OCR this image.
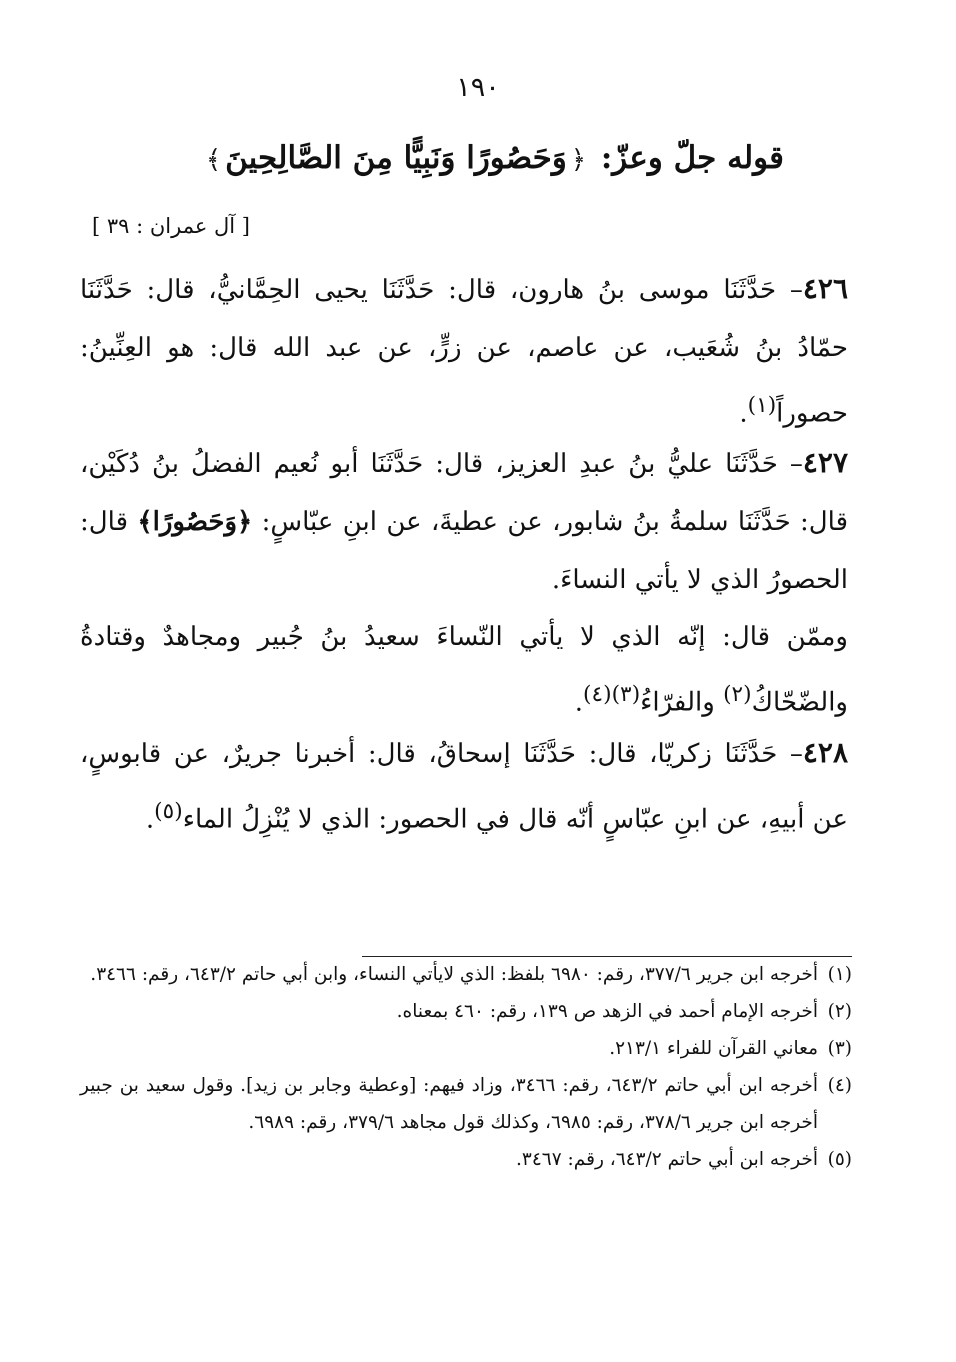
١٩٠
قوله جلّ وعزّ: ﴿وَحَصُورًا وَنَبِيًّا مِنَ الصَّالِحِينَ﴾
[ آل عمران : ٣٩ ]
٤٢٦– حَدَّثَنَا موسى بنُ هارون، قال: حَدَّثَنَا يحيى الحِمَّانيُّ، قال: حَدَّثَنَا حمّادُ بنُ شُعَيب، عن عاصم، عن زرٍّ، عن عبد الله قال: هو العِنِّينُ: حصوراً$^{(١)}$.
٤٢٧– حَدَّثَنَا عليُّ بنُ عبدِ العزيز، قال: حَدَّثَنَا أبو نُعيم الفضلُ بنُ دُكَيْن، قال: حَدَّثَنَا سلمةُ بنُ شابور، عن عطيةَ، عن ابنِ عبّاسٍ: ﴿وَحَصُورًا﴾ قال: الحصورُ الذي لا يأتي النساءَ.
وممّن قال: إنّه الذي لا يأتي النّساءَ سعيدُ بنُ جُبير ومجاهدٌ وقتادةُ والضّحّاكُ$^{(٢)}$ والفرّاءُ$^{(٣)(٤)}$.
٤٢٨– حَدَّثَنَا زكريّا، قال: حَدَّثَنَا إسحاقُ، قال: أخبرنا جريرٌ، عن قابوسٍ، عن أبيهِ، عن ابنِ عبّاسٍ أنّه قال في الحصور: الذي لا يُنْزِلُ الماء$^{(٥)}$.

(١)أخرجه ابن جرير ٣٧٧/٦، رقم: ٦٩٨٠ بلفظ: الذي لايأتي النساء، وابن أبي حاتم ٦٤٣/٢، رقم: ٣٤٦٦.

(٢)أخرجه الإمام أحمد في الزهد ص ١٣٩، رقم: ٤٦٠ بمعناه.

(٣)معاني القرآن للفراء ٢١٣/١.

(٤)أخرجه ابن أبي حاتم ٦٤٣/٢، رقم: ٣٤٦٦، وزاد فيهم: [وعطية وجابر بن زيد]. وقول سعيد بن جبير أخرجه ابن جرير ٣٧٨/٦، رقم: ٦٩٨٥، وكذلك قول مجاهد ٣٧٩/٦، رقم: ٦٩٨٩.

(٥)أخرجه ابن أبي حاتم ٦٤٣/٢، رقم: ٣٤٦٧.
